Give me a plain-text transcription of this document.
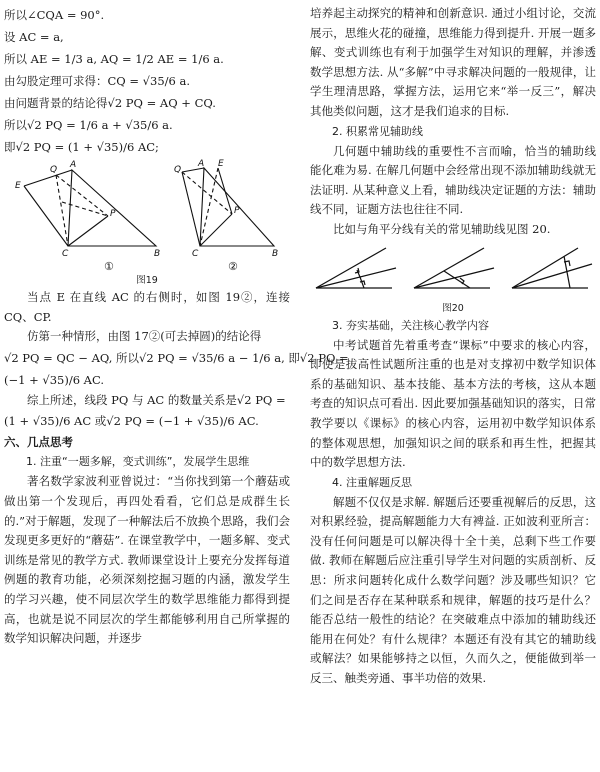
所以∠CQA = 90°.

设 AC = a,

所以 AE = 1/3 a, AQ = 1/2 AE = 1/6 a.

由勾股定理可求得：CQ = √35/6 a.

由问题背景的结论得√2 PQ = AQ + CQ.

所以√2 PQ = 1/6 a + √35/6 a.

即√2 PQ = (1 + √35)/6 AC;

E
Q A
P
C	B
A
Q
E
P
C	B
①	②
图19

当点 E 在直线 AC 的右侧时，如图 19②，连接 CQ、CP.

仿第一种情形，由图 17②(可去掉圆)的结论得

√2 PQ = QC − AQ, 所以√2 PQ = √35/6 a − 1/6 a, 即√2 PQ =

(−1 + √35)/6 AC.

综上所述，线段 PQ 与 AC 的数量关系是√2 PQ =

(1 + √35)/6 AC 或√2 PQ = (−1 + √35)/6 AC.

六、几点思考

1. 注重“一题多解，变式训练”，发展学生思维

著名数学家波利亚曾说过：“当你找到第一个蘑菇或做出第一个发现后，再四处看看，它们总是成群生长的.”对于解题，发现了一种解法后不放换个思路，我们会发现更多更好的“蘑菇”. 在课堂教学中，一题多解、变式训练是常见的教学方式. 教师课堂设计上要充分发挥每道例题的教育功能，必须深刻挖掘习题的内涵，激发学生的学习兴趣，使不同层次学生的数学思维能力都得到提高，也就是说不同层次的学生都能够利用自己所掌握的数学知识解决问题，并逐步

培养起主动探究的精神和创新意识. 通过小组讨论，交流展示，思维火花的碰撞，思维能力得到提升. 开展一题多解、变式训练也有利于加强学生对知识的理解，并渗透数学思想方法. 从“多解”中寻求解决问题的一般规律，让学生理清思路，掌握方法，运用它来“举一反三”，解决其他类似问题，这才是我们追求的目标.

2. 积累常见辅助线

几何题中辅助线的重要性不言而喻，恰当的辅助线能化难为易. 在解几何题中会经常出现不添加辅助线就无法证明. 从某种意义上看，辅助线决定证题的方法：辅助线不同，证题方法也往往不同.

比如与角平分线有关的常见辅助线见图 20.

图20

3. 夯实基础，关注核心教学内容

中考试题首先着重考查“课标”中要求的核心内容，即使是拔高性试题所注重的也是对支撑初中数学知识体系的基础知识、基本技能、基本方法的考核，这从本题考查的知识点可看出. 因此要加强基础知识的落实，日常教学要以《课标》的核心内容，运用初中数学知识体系的整体观思想，加强知识之间的联系和再生性，把握其中的数学思想方法.

4. 注重解题反思

解题不仅仅是求解. 解题后还要重视解后的反思，这对积累经验，提高解题能力大有裨益. 正如波利亚所言：没有任何问题是可以解决得十全十美，总剩下些工作要做. 教师在解题后应注重引导学生对问题的实质剖析、反思：所求问题转化成什么数学问题？涉及哪些知识？它们之间是否存在某种联系和规律，解题的技巧是什么？能否总结一般性的结论？在突破难点中添加的辅助线还能用在何处？有什么规律？本题还有没有其它的辅助线或解法？如果能够持之以恒，久而久之，便能做到举一反三、触类旁通、事半功倍的效果.
